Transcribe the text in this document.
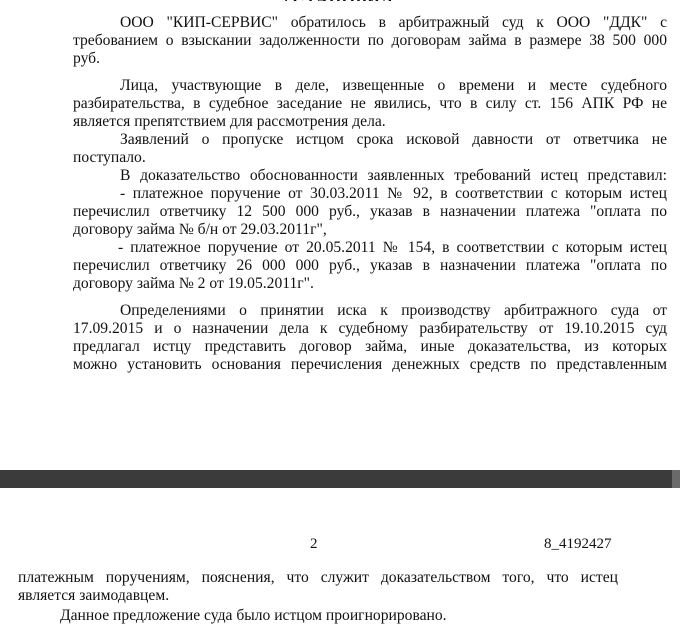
ООО "КИП-СЕРВИС" обратилось в арбитражный суд к ООО "ДДК" с
требованием о взыскании задолженности по договорам займа в размере 38 500 000
руб.
Лица, участвующие в деле, извещенные о времени и месте судебного
разбирательства, в судебное заседание не явились, что в силу ст. 156 АПК РФ не
является препятствием для рассмотрения дела.
Заявлений о пропуске истцом срока исковой давности от ответчика не
поступало.
В доказательство обоснованности заявленных требований истец представил:
- платежное поручение от 30.03.2011 № 92, в соответствии с которым истец
перечислил ответчику 12 500 000 руб., указав в назначении платежа "оплата по
договору займа № б/н от 29.03.2011г",
- платежное поручение от 20.05.2011 № 154, в соответствии с которым истец
перечислил ответчику 26 000 000 руб., указав в назначении платежа "оплата по
договору займа № 2 от 19.05.2011г".
Определениями о принятии иска к производству арбитражного суда от
17.09.2015 и о назначении дела к судебному разбирательству от 19.10.2015 суд
предлагал истцу представить договор займа, иные доказательства, из которых
можно установить основания перечисления денежных средств по представленным
2	8_4192427
платежным поручениям, пояснения, что служит доказательством того, что истец
является заимодавцем.
Данное предложение суда было истцом проигнорировано.
